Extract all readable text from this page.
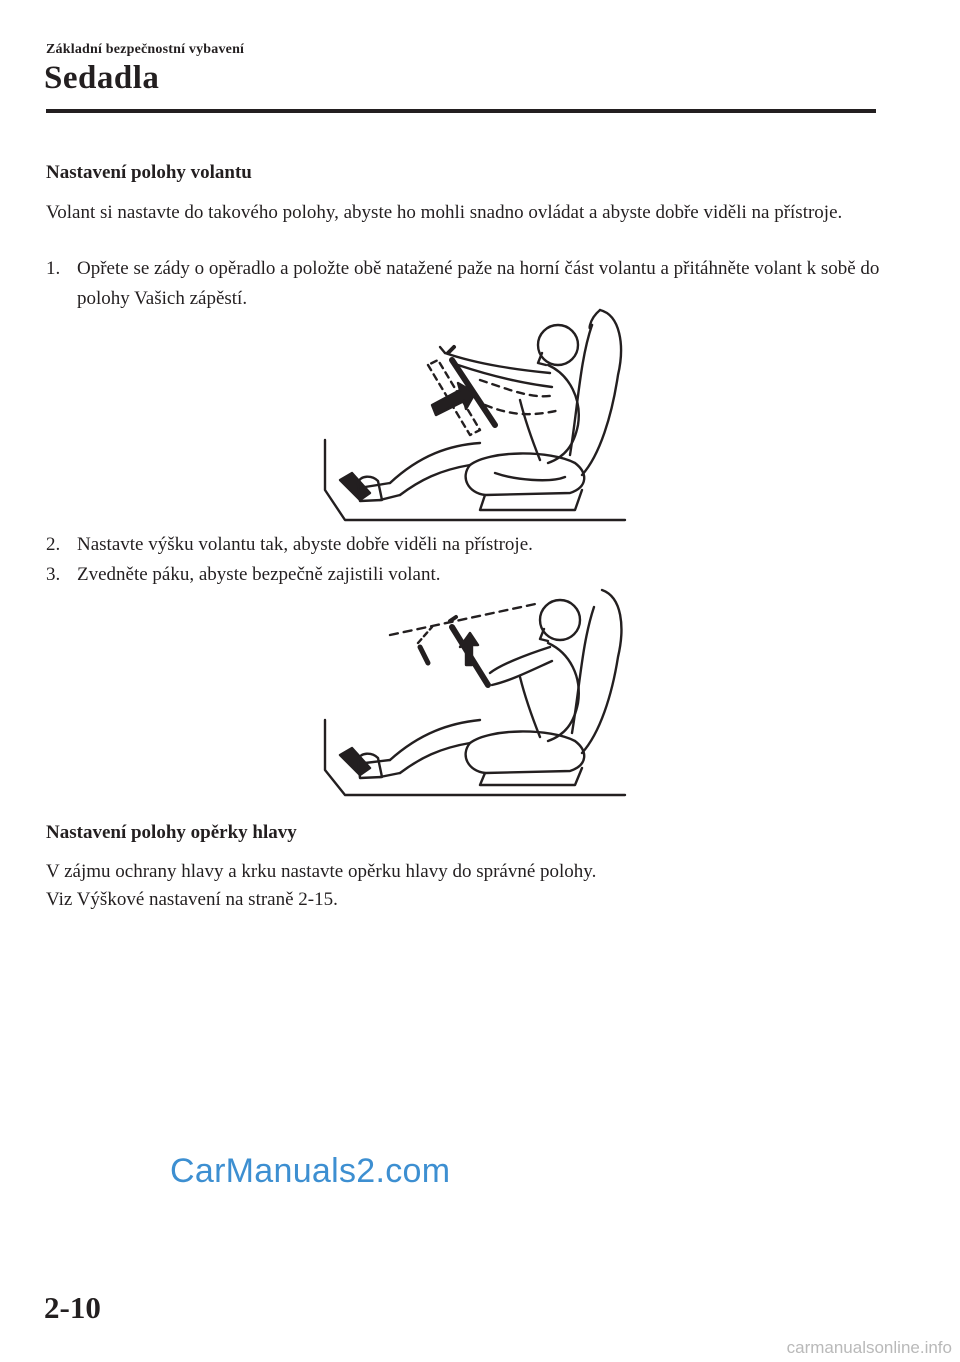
Základní bezpečnostní vybavení
Sedadla
Nastavení polohy volantu

Volant si nastavte do takového polohy, abyste ho mohli snadno ovládat a abyste dobře viděli na přístroje.

1. Opřete se zády o opěradlo a položte obě natažené paže na horní část volantu a přitáhněte volant k sobě do polohy Vašich zápěstí.
2. Nastavte výšku volantu tak, abyste dobře viděli na přístroje.
3. Zvedněte páku, abyste bezpečně zajistili volant.
Nastavení polohy opěrky hlavy

V zájmu ochrany hlavy a krku nastavte opěrku hlavy do správné polohy.

Viz Výškové nastavení na straně 2-15.

CarManuals2.com
2-10
carmanualsonline.info
